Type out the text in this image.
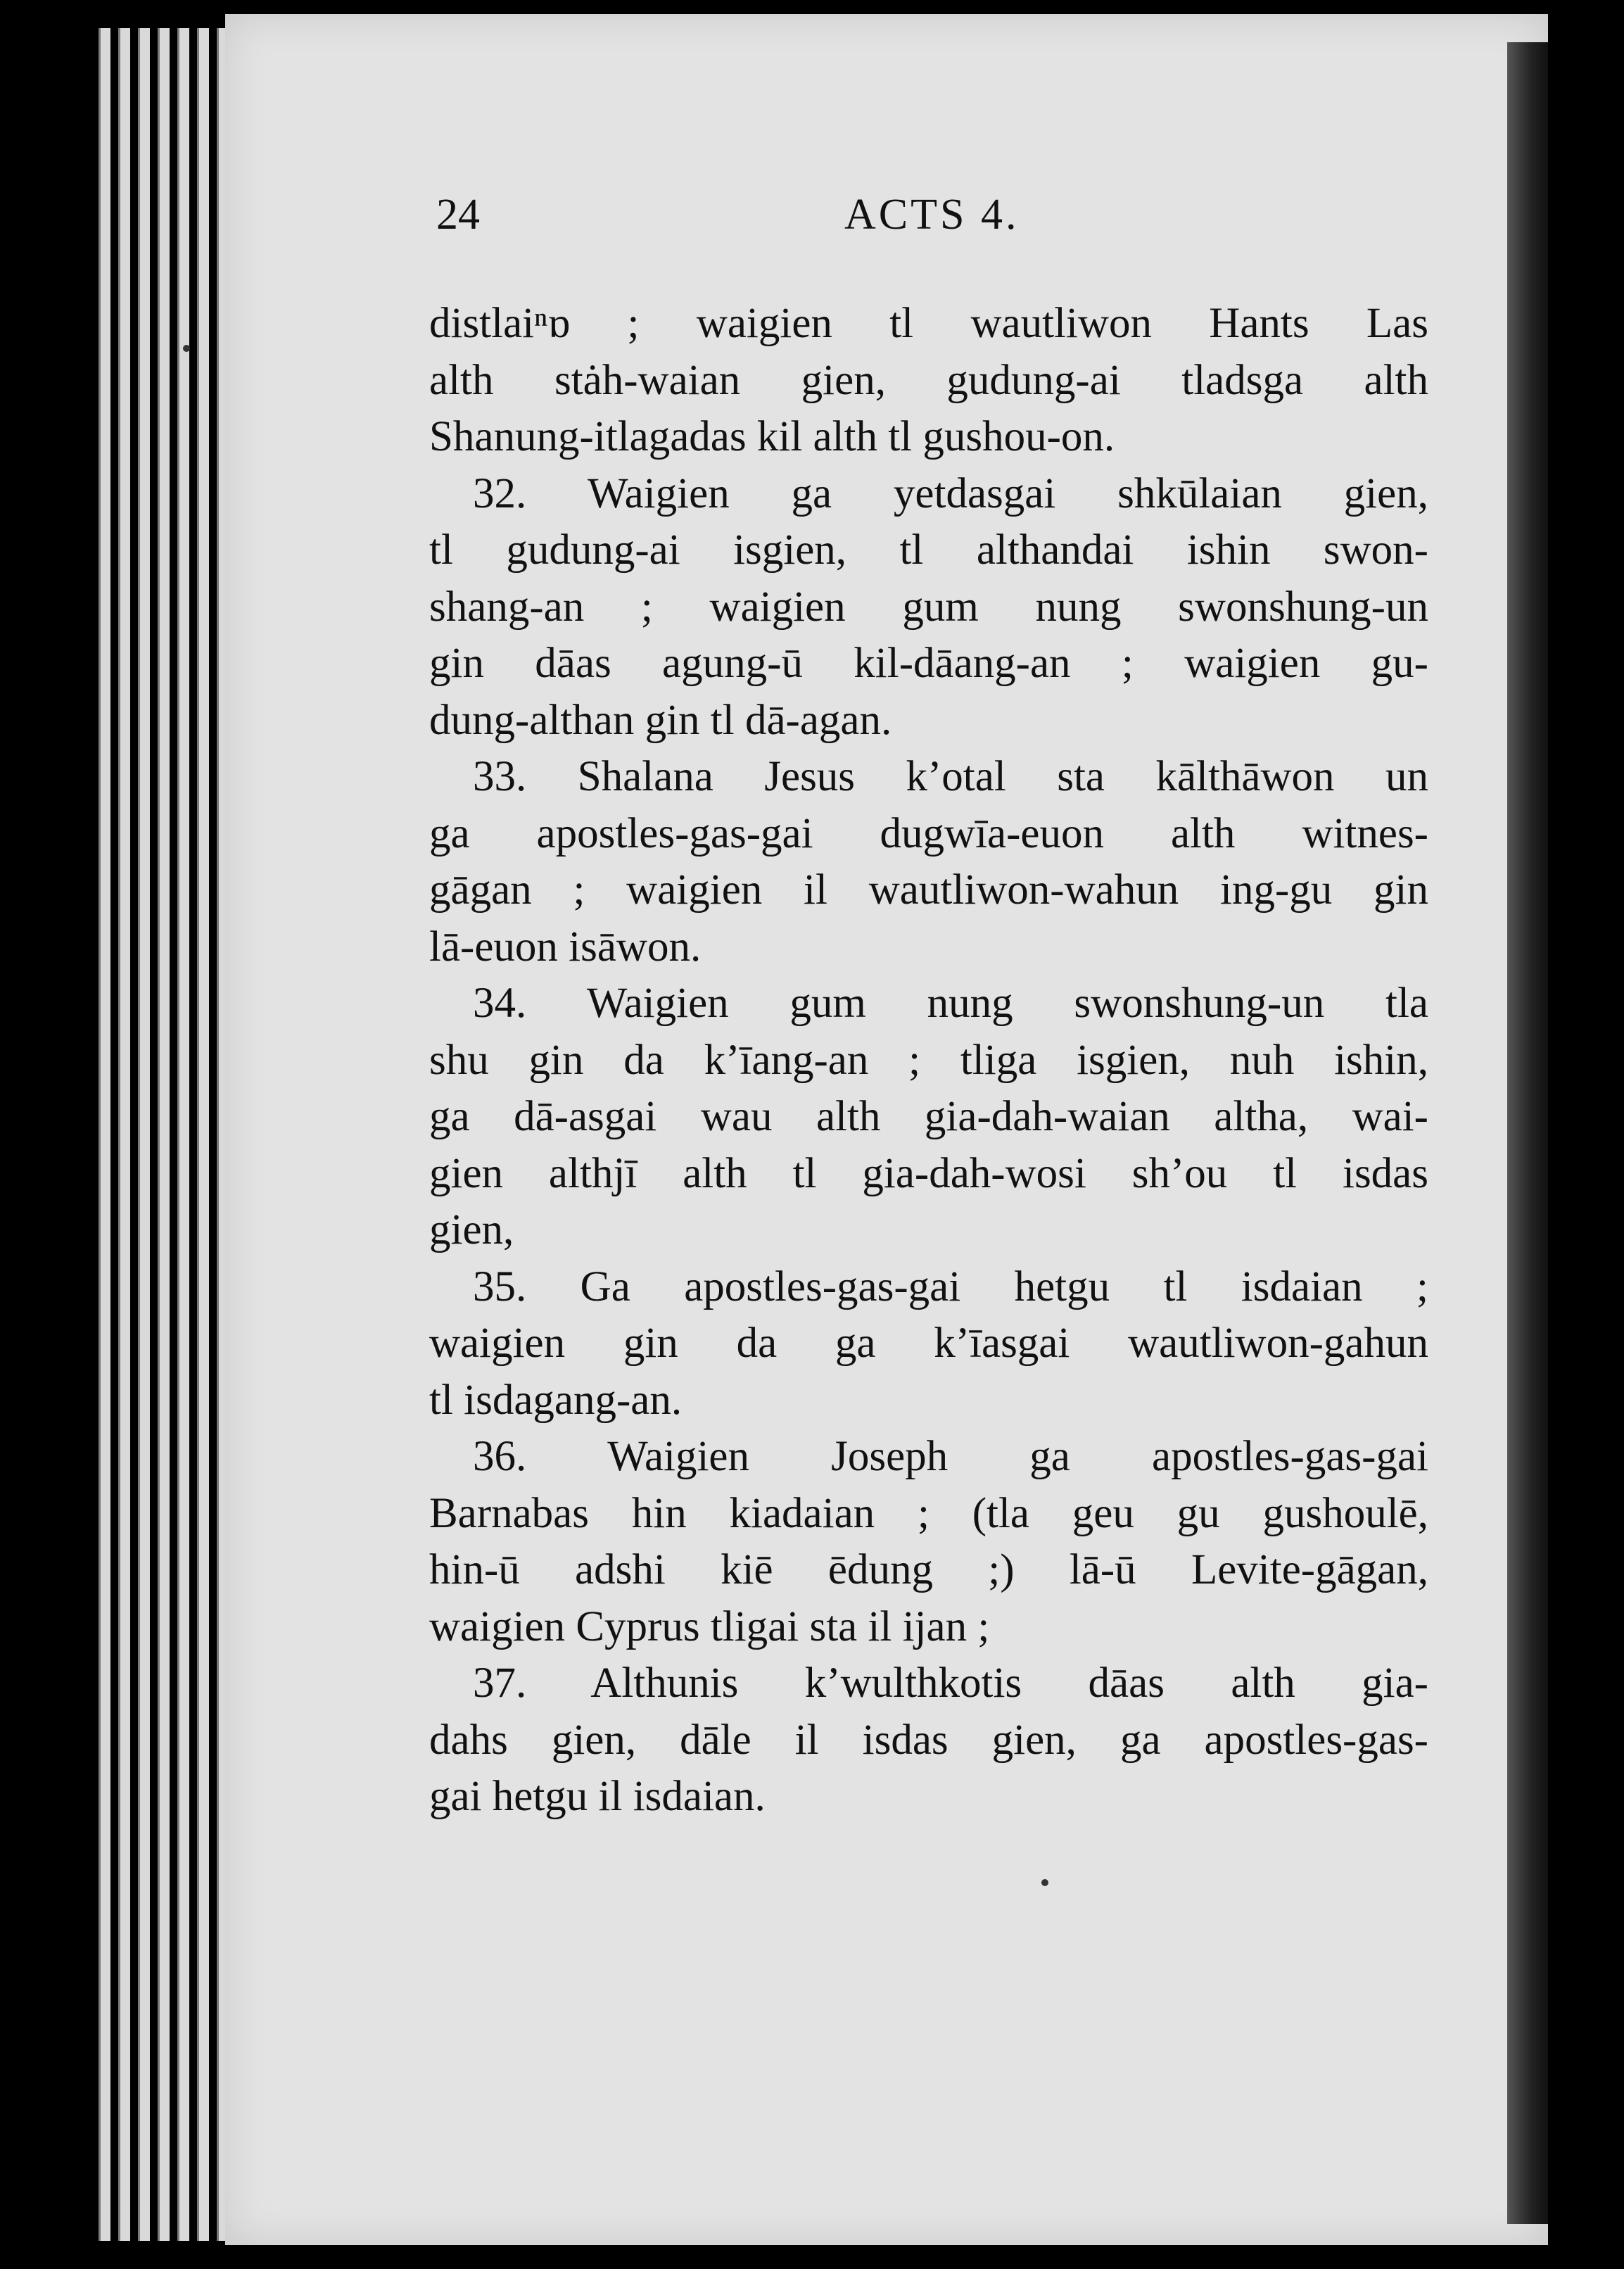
24	ACTS 4.
distlaiⁿɒ ; waigien tl wautliwon Hants Las
alth stȧh-waian gien, gudung-ai tladsga alth
Shanung-itlagadas kil alth tl gushou-on.
32. Waigien ga yetdasgai shkūlaian gien,
tl gudung-ai isgien, tl althandai ishin swon-
shang-an ; waigien gum nung swonshung-un
gin dāas agung-ū kil-dāang-an ; waigien gu-
dung-althan gin tl dā-agan.
33. Shalana Jesus k’otal sta kālthāwon un
ga apostles-gas-gai dugwīa-euon alth witnes-
gāgan ; waigien il wautliwon-wahun ing-gu gin
lā-euon isāwon.
34. Waigien gum nung swonshung-un tla
shu gin da k’īang-an ; tliga isgien, nuh ishin,
ga dā-asgai wau alth gia-dah-waian altha, wai-
gien althjī alth tl gia-dah-wosi sh’ou tl isdas
gien,
35. Ga apostles-gas-gai hetgu tl isdaian ;
waigien gin da ga k’īasgai wautliwon-gahun
tl isdagang-an.
36. Waigien Joseph ga apostles-gas-gai
Barnabas hin kiadaian ; (tla geu gu gushoulē,
hin-ū adshi kiē ēdung ;) lā-ū Levite-gāgan,
waigien Cyprus tligai sta il ijan ;
37. Althunis k’wulthkotis dāas alth gia-
dahs gien, dāle il isdas gien, ga apostles-gas-
gai hetgu il isdaian.
